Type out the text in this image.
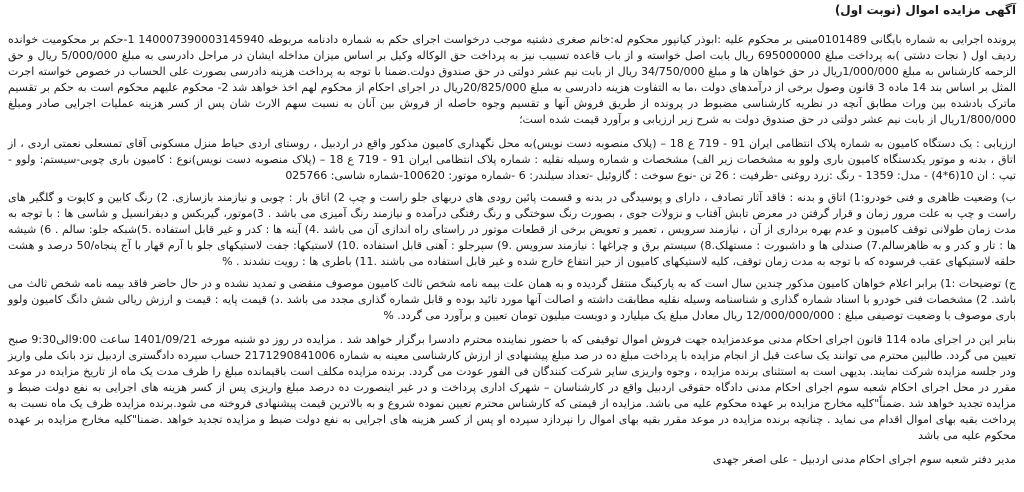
آگهی مزایده اموال (نوبت اول)
پرونده اجرایی به شماره بایگانی 0101489مبنی بر محکوم علیه :ابوذر کیانپور محکوم له:خانم صغری دشتیه موجب درخواست اجرای حکم به شماره دادنامه مربوطه 140007390003145940 1-حکم بر محکومیت خوانده ردیف اول ( نجات دشتی )به پرداخت مبلغ 695000000 ریال بابت اصل خواسته و از باب قاعده تسبیب نیز به پرداخت حق الوکاله وکیل بر اساس میزان مداخله ایشان در مراحل دادرسی به مبلغ 5/000/000 ریال و حق الزحمه کارشناس به مبلغ 1/000/000ریال در حق خواهان ها و مبلغ 34/750/000 ریال از بابت نیم عشر دولتی در حق صندوق دولت.ضمنا با توجه به پرداخت هزینه دادرسی بصورت علی الحساب در خصوص خواسته اجرت المثل بر اساس بند 14 ماده 3 قانون وصول برخی از درآمدهای دولت ،ما به التفاوت هزینه دادرسی به مبلغ 20/825/000ریال در اجرای احکام از محکوم لهم اخذ خواهد شد 2- محکوم علیهم محکوم است به حکم بر تقسیم ماترک بادشده بین ورات مطابق آنچه در نظریه کارشناسی مضبوط در پرونده از طریق فروش آنها و تقسیم وجوه حاصله از فروش بین آنان به نسبت سهم الارث شان پس از کسر هزینه عملیات اجرایی صادر ومبلغ 1/800/000ریال از بابت نیم عشر دولتی در حق صندوق دولت به شرح زیر ارزیابی و برآورد قیمت شده است؛
ارزیابی : یک دستگاه کامیون به شماره پلاک انتظامی ایران 91 - 719 ع 18 – (پلاک منصوبه دست نویس)به محل نگهداری کامیون مذکور واقع در اردبیل ، روستای اردی حیاط منزل مسکونی آقای تمسعلی نعمتی اردی ، از اتاق ، بدنه و موتور یکدستگاه کامیون باری ولوو به مشخصات زیر الف) مشخصات و شماره وسیله نقلیه : شماره پلاک انتظامی ایران 91 - 719 ع 18 – (پلاک منصوبه دست نویس)نوع : کامیون باری چوبی-سیستم: ولوو - تیپ : ان 10(6*4) - مدل: 1359 - رنگ :زرد روغنی -ظرفیت : 26 تن -نوع سوخت : گازوئیل -تعداد سیلندر: 6 -شماره موتور: 100620-شماره شاسی: 025766
ب) وضعیت ظاهری و فنی خودرو:1) اتاق و بدنه : فاقد آثار تصادف ، دارای و پوسیدگی در بدنه و قسمت پائین رودی های دربهای جلو راست و چپ 2) اتاق بار : چوبی و نیازمند بازسازی. 2) رنگ کابین و کاپوت و گلگیر های راست و چپ به علت مرور زمان و قرار گرفتن در معرض تابش آفتاب و نزولات جوی ، بصورت رنگ سوختگی و رنگ رفتگی درآمده و نیازمند رنگ آمیزی می باشد . 3)موتور، گیربکس و دیفرانسیل و شاسی ها : با توجه به مدت زمان طولانی توقف کامیون و عدم بهره برداری از آن ، نیازمند سرویس ، تعمیر و تعویض برخی از قطعات موتور در راستای راه اندازی آن می باشد .4) آینه ها : کدر و غیر قابل استفاده .5)شبکه جلو: سالم . 6) شیشه ها : تار و کدر و به ظاهرسالم.7) صندلی ها و داشبورت : مستهلک.8) سیستم برق و چراغها : نیازمند سرویس .9) سپرجلو : آهنی قابل استفاده .10) لاستیکها: جفت لاستیکهای جلو با آرم قهار با آج پنجاه/50 درصد و هشت حلقه لاستیکهای عقب فرسوده که با توجه به مدت زمان توقف، کلیه لاستیکهای کامیون از حیز انتفاع خارج شده و غیر قابل استفاده می باشند .11) باطری ها : رویت نشدند . %
ج) توضیحات :1) برابر اعلام خواهان کامیون مذکور چندین سال است که به پارکینگ منتقل گردیده و به همان علت بیمه نامه شخص ثالث کامیون موصوف منقضی و تمدید نشده و در حال حاضر فاقد بیمه نامه شخص ثالث می باشد. 2) مشخصات فنی خودرو با اسناد شماره گذاری و شناسنامه وسیله نقلیه مطابقت داشته و اصالت آنها مورد تائید بوده و قابل شماره گذاری مجدد می باشد .د) قیمت پایه : قیمت و ارزش ریالی شش دانگ کامیون ولوو باری موصوف با وضعیت توصیفی مبلغ : 12/000/000/000 ریال معادل مبلغ یک میلیارد و دویست میلیون تومان تعیین و برآورد می گردد. %
بنابر این در اجرای ماده 114 قانون اجرای احکام مدنی موعدمزایده جهت فروش اموال توقیفی که با حضور نماینده محترم دادسرا برگزار خواهد شد . مزایده در روز دو شنبه مورخه 1401/09/21 ساعت 9:00الی9:30 صبح تعیین می گردد. طالبین محترم می توانند یک ساعت قبل از انجام مزایده با پرداخت مبلغ ده در صد مبلغ پیشنهادی از ارزش کارشناسی معینه به شماره 2171290841006 حساب سپرده دادگستری اردبیل نزد بانک ملی واریز ودر جلسه مزایده شرکت نمایند. بدیهی است به استثنای برنده مزایده ، وجوه واریزی سایر شرکت کنندگان فی الفور عودت می گردد. برنده مزایده مکلف است باقیمانده مبلغ را ظرف مدت یک ماه از تاریخ مزایده در موعد مقرر در محل اجرای احکام شعبه سوم اجرای احکام مدنی دادگاه حقوقی اردبیل واقع در کارشناسان – شهرک اداری پرداخت و در غیر اینصورت ده درصد مبلغ واریزی پس از کسر هزینه های اجرایی به نفع دولت ضبط و مزایده تجدید خواهد شد .ضمناً"کلیه مخارج مزایده بر عهده محکوم علیه می باشد. مزایده از قیمتی که کارشناس محترم تعیین نموده شروع و به بالاترین قیمت پیشنهادی فروخته می شود.برنده مزایده ظرف یک ماه نسبت به پرداخت بقیه بهای اموال اقدام می نماید . چنانچه برنده مزایده در موعد مقرر بقیه بهای اموال را نپردازد سپرده او پس از کسر هزینه های اجرایی به نفع دولت ضبط و مزایده تجدید خواهد .ضمنا"کلیه مخارج مزایده بر عهده محکوم علیه می باشد
مدیر دفتر شعبه سوم اجرای احکام مدنی اردبیل - علی اصغر جهدی
